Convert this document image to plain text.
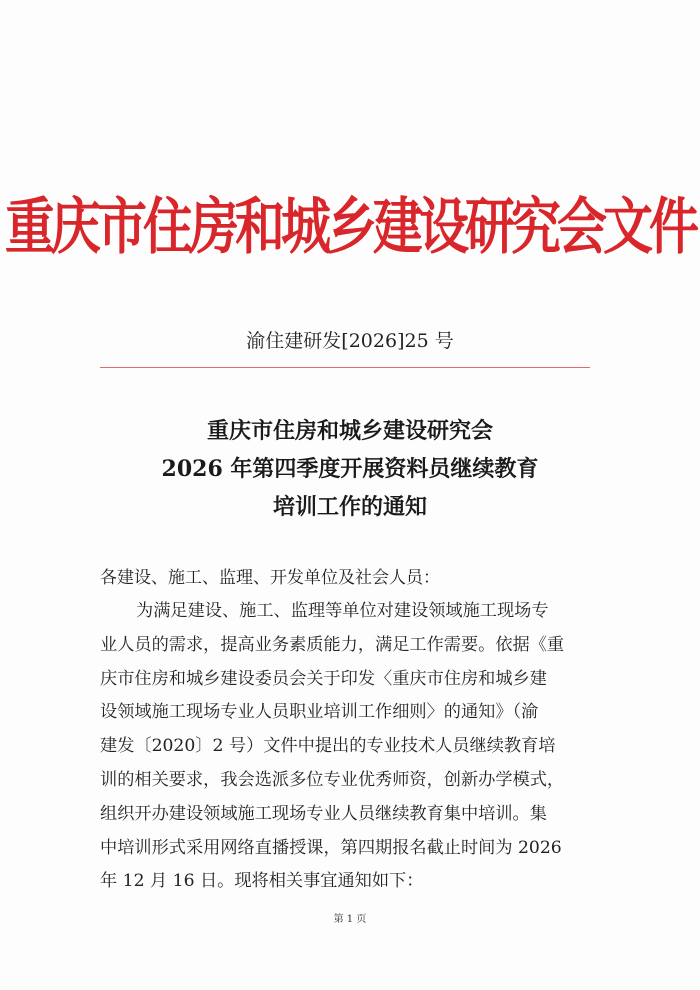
重庆市住房和城乡建设研究会文件
渝住建研发[2026]25 号
重庆市住房和城乡建设研究会
2026 年第四季度开展资料员继续教育
培训工作的通知
各建设、施工、监理、开发单位及社会人员：
为满足建设、施工、监理等单位对建设领域施工现场专
业人员的需求，提高业务素质能力，满足工作需要。依据《重
庆市住房和城乡建设委员会关于印发〈重庆市住房和城乡建
设领域施工现场专业人员职业培训工作细则〉的通知》（渝
建发〔2020〕2 号）文件中提出的专业技术人员继续教育培
训的相关要求，我会选派多位专业优秀师资，创新办学模式，
组织开办建设领域施工现场专业人员继续教育集中培训。集
中培训形式采用网络直播授课，第四期报名截止时间为 2026
年 12 月 16 日。现将相关事宜通知如下：
第 1 页
